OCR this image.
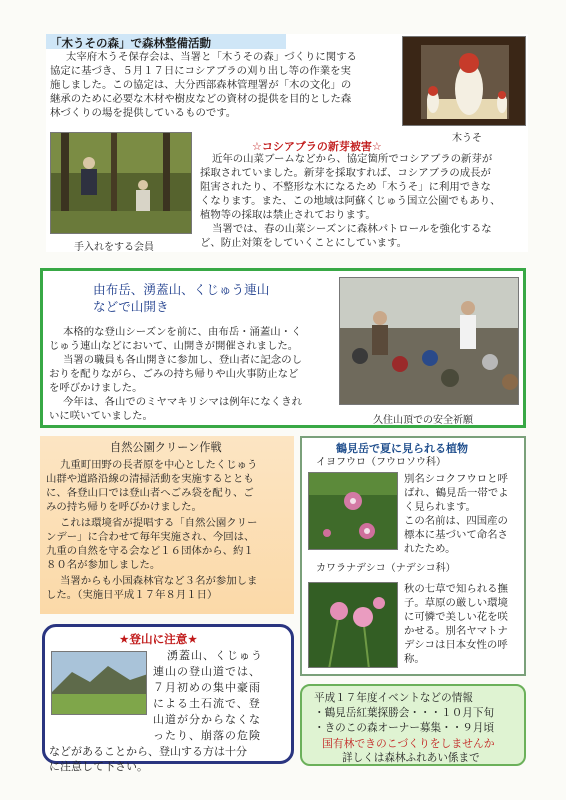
「木うその森」で森林整備活動
太宰府木うそ保存会は、当署と「木うその森」づくりに関する
協定に基づき、５月１７日にコシアブラの刈り出し等の作業を実
施しました。この協定は、大分西部森林管理署が「木の文化」の
継承のために必要な木材や樹皮などの資材の提供を目的とした森
林づくりの場を提供しているものです。
木うそ
手入れをする会員
☆コシアブラの新芽被害☆
近年の山菜ブームなどから、協定箇所でコシアブラの新芽が
採取されていました。新芽を採取すれば、コシアブラの成長が
阻害されたり、不整形な木になるため「木うそ」に利用できな
くなります。また、この地域は阿蘇くじゅう国立公園でもあり、
植物等の採取は禁止されております。
当署では、春の山菜シーズンに森林パトロールを強化するな
ど、防止対策をしていくことにしています。
由布岳、湧蓋山、くじゅう連山
などで山開き
本格的な登山シーズンを前に、由布岳・涌蓋山・く
じゅう連山などにおいて、山開きが開催されました。
当署の職員も各山開きに参加し、登山者に記念のし
おりを配りながら、ごみの持ち帰りや山火事防止など
を呼びかけました。
今年は、各山でのミヤマキリシマは例年になくきれ
いに咲いていました。	久住山頂での安全祈願
自然公園クリーン作戦
九重町田野の長者原を中心としたくじゅう
山群や道路沿線の清掃活動を実施するととも
に、各登山口では登山者へごみ袋を配り、ご
みの持ち帰りを呼びかけました。
これは環境省が提唱する「自然公園クリー
ンデー」に合わせて毎年実施され、今回は、
九重の自然を守る会など１６団体から、約１
８０名が参加しました。
当署からも小国森林官など３名が参加しま
した。（実施日平成１７年８月１日）
鶴見岳で夏に見られる植物
イヨフウロ（フウロソウ科）
別名シコクフウロと呼
ばれ、鶴見岳一帯でよ
く見られます。
この名前は、四国産の
標本に基づいて命名さ
れたため。
カワラナデシコ（ナデシコ科）
秋の七草で知られる撫
子。草原の厳しい環境
に可憐で美しい花を咲
かせる。別名ヤマトナ
デシコは日本女性の呼
称。
★登山に注意★
湧蓋山、くじゅう
連山の登山道では、
７月初めの集中豪雨
による土石流で、登
山道が分からなくな
ったり、崩落の危険
などがあることから、登山する方は十分
に注意して下さい。
平成１７年度イベントなどの情報
・鶴見岳紅葉探勝会・・・１０月下旬
・きのこの森オーナー募集・・９月頃
国有林できのこづくりをしませんか
詳しくは森林ふれあい係まで
